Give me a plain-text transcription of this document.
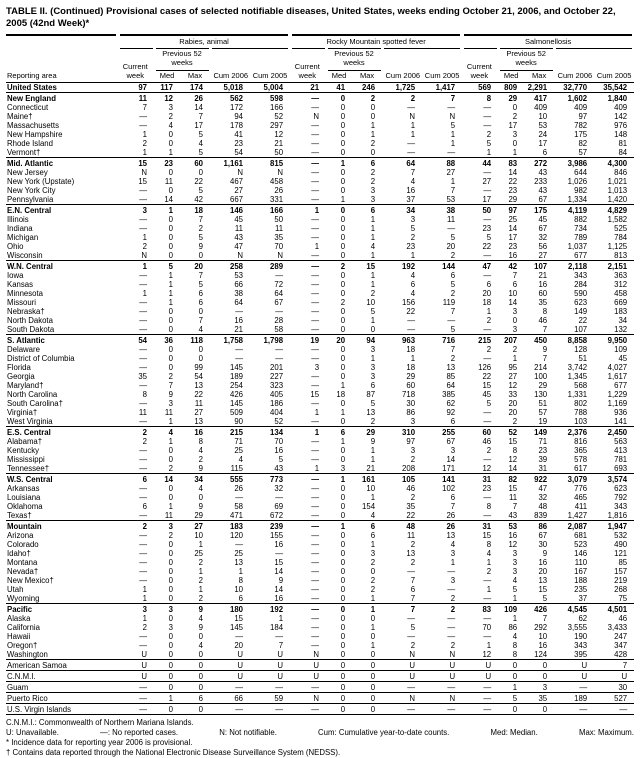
TABLE II. (Continued) Provisional cases of selected notifiable diseases, United States, weeks ending October 21, 2006, and October 22, 2005 (42nd Week)*
Reporting area	Rabies, animal					Rocky Mountain spotted fever					Salmonellosis				
	Current week	Previous 52 weeks		Cum 2006	Cum 2005	Current week	Previous 52 weeks		Cum 2006	Cum 2005	Current week	Previous 52 weeks		Cum 2006	Cum 2005
		Med	Max				Med	Max				Med	Max		
United States	97	117	174	5,018	5,004	21	41	246	1,725	1,417	569	809	2,291	32,770	35,542
New England	11	12	26	562	598	—	0	2	2	7	8	29	417	1,602	1,840
Connecticut	7	3	14	172	166	—	0	0	—	—	—	0	409	409	409
Maine†	—	2	7	94	52	N	0	0	N	N	—	2	10	97	142
Massachusetts	—	4	17	178	297	—	0	1	1	5	—	17	53	782	976
New Hampshire	1	0	5	41	12	—	0	1	1	1	2	3	24	175	148
Rhode Island	2	0	4	23	21	—	0	2	—	1	5	0	17	82	81
Vermont†	1	1	5	54	50	—	0	0	—	—	1	1	6	57	84
Mid. Atlantic	15	23	60	1,161	815	—	1	6	64	88	44	83	272	3,986	4,300
New Jersey	N	0	0	N	N	—	0	2	7	27	—	14	43	644	846
New York (Upstate)	15	11	22	467	458	—	0	2	4	1	27	22	233	1,026	1,021
New York City	—	0	5	27	26	—	0	3	16	7	—	23	43	982	1,013
Pennsylvania	—	14	42	667	331	—	1	3	37	53	17	29	67	1,334	1,420
E.N. Central	3	1	18	146	166	1	0	6	34	38	50	97	175	4,119	4,829
Illinois	—	0	7	45	50	—	0	1	3	11	—	25	45	882	1,582
Indiana	—	0	2	11	11	—	0	1	5	—	23	14	67	734	525
Michigan	1	0	5	43	35	—	0	1	2	5	5	17	32	789	784
Ohio	2	0	9	47	70	1	0	4	23	20	22	23	56	1,037	1,125
Wisconsin	N	0	0	N	N	—	0	1	1	2	—	16	27	677	813
W.N. Central	1	5	20	258	289	—	2	15	192	144	47	42	107	2,118	2,151
Iowa	—	1	7	53	—	—	0	1	4	6	—	7	21	343	363
Kansas	—	1	5	66	72	—	0	1	6	5	6	6	16	284	312
Minnesota	1	1	6	38	64	—	0	2	4	2	20	10	60	590	458
Missouri	—	1	6	64	67	—	2	10	156	119	18	14	35	623	669
Nebraska†	—	0	0	—	—	—	0	5	22	7	1	3	8	149	183
North Dakota	—	0	7	16	28	—	0	1	—	—	2	0	46	22	34
South Dakota	—	0	4	21	58	—	0	0	—	5	—	3	7	107	132
S. Atlantic	54	36	118	1,758	1,798	19	20	94	963	716	215	207	450	8,858	9,950
Delaware	—	0	0	—	—	—	0	3	18	7	2	2	9	128	109
District of Columbia	—	0	0	—	—	—	0	1	1	2	—	1	7	51	45
Florida	—	0	99	145	201	3	0	3	18	13	126	95	214	3,742	4,027
Georgia	35	2	54	189	227	—	0	3	29	85	22	27	100	1,345	1,617
Maryland†	—	7	13	254	323	—	1	6	60	64	15	12	29	568	677
North Carolina	8	9	22	426	405	15	18	87	718	385	45	33	130	1,331	1,229
South Carolina†	—	3	11	145	186	—	0	5	30	62	5	20	51	802	1,169
Virginia†	11	11	27	509	404	1	1	13	86	92	—	20	57	788	936
West Virginia	—	1	13	90	52	—	0	2	3	6	—	2	19	103	141
E.S. Central	2	4	16	215	134	1	6	29	310	255	60	52	149	2,376	2,450
Alabama†	2	1	8	71	70	—	1	9	97	67	46	15	71	816	563
Kentucky	—	0	4	25	16	—	0	1	3	3	2	8	23	365	413
Mississippi	—	0	2	4	5	—	0	1	2	14	—	12	39	578	781
Tennessee†	—	2	9	115	43	1	3	21	208	171	12	14	31	617	693
W.S. Central	6	14	34	555	773	—	1	161	105	141	31	82	922	3,079	3,574
Arkansas	—	0	4	26	32	—	0	10	46	102	23	15	47	776	623
Louisiana	—	0	0	—	—	—	0	1	2	6	—	11	32	465	792
Oklahoma	6	1	9	58	69	—	0	154	35	7	8	7	48	411	343
Texas†	—	11	29	471	672	—	0	4	22	26	—	43	839	1,427	1,816
Mountain	2	3	27	183	239	—	1	6	48	26	31	53	86	2,087	1,947
Arizona	—	2	10	120	155	—	0	6	11	13	15	16	67	681	532
Colorado	—	0	1	—	16	—	0	1	2	4	8	12	30	523	490
Idaho†	—	0	25	25	—	—	0	3	13	3	4	3	9	146	121
Montana	—	0	2	13	15	—	0	2	2	1	1	3	16	110	85
Nevada†	—	0	1	1	14	—	0	0	—	—	2	3	20	167	157
New Mexico†	—	0	2	8	9	—	0	2	7	3	—	4	13	188	219
Utah	1	0	1	10	14	—	0	2	6	—	1	5	15	235	268
Wyoming	1	0	2	6	16	—	0	1	7	2	—	1	5	37	75
Pacific	3	3	9	180	192	—	0	1	7	2	83	109	426	4,545	4,501
Alaska	1	0	4	15	1	—	0	0	—	—	—	1	7	62	46
California	2	3	9	145	184	—	0	1	5	—	70	86	292	3,555	3,433
Hawaii	—	0	0	—	—	—	0	0	—	—	—	4	10	190	247
Oregon†	—	0	4	20	7	—	0	1	2	2	1	8	16	343	347
Washington	U	0	0	U	U	N	0	0	N	N	12	8	124	395	428
American Samoa	U	0	0	U	U	U	0	0	U	U	U	0	0	U	7
C.N.M.I.	U	0	0	U	U	U	0	0	U	U	U	0	0	U	U
Guam	—	0	0	—	—	—	0	0	—	—	—	1	3	—	30
Puerto Rico	—	1	6	66	59	N	0	0	N	N	—	5	35	189	527
U.S. Virgin Islands	—	0	0	—	—	—	0	0	—	—	—	0	0	—	—
C.N.M.I.: Commonwealth of Northern Mariana Islands.
U: Unavailable.	—: No reported cases.	N: Not notifiable.	Cum: Cumulative year-to-date counts.	Med: Median.	Max: Maximum.
* Incidence data for reporting year 2006 is provisional.
† Contains data reported through the National Electronic Disease Surveillance System (NEDSS).
